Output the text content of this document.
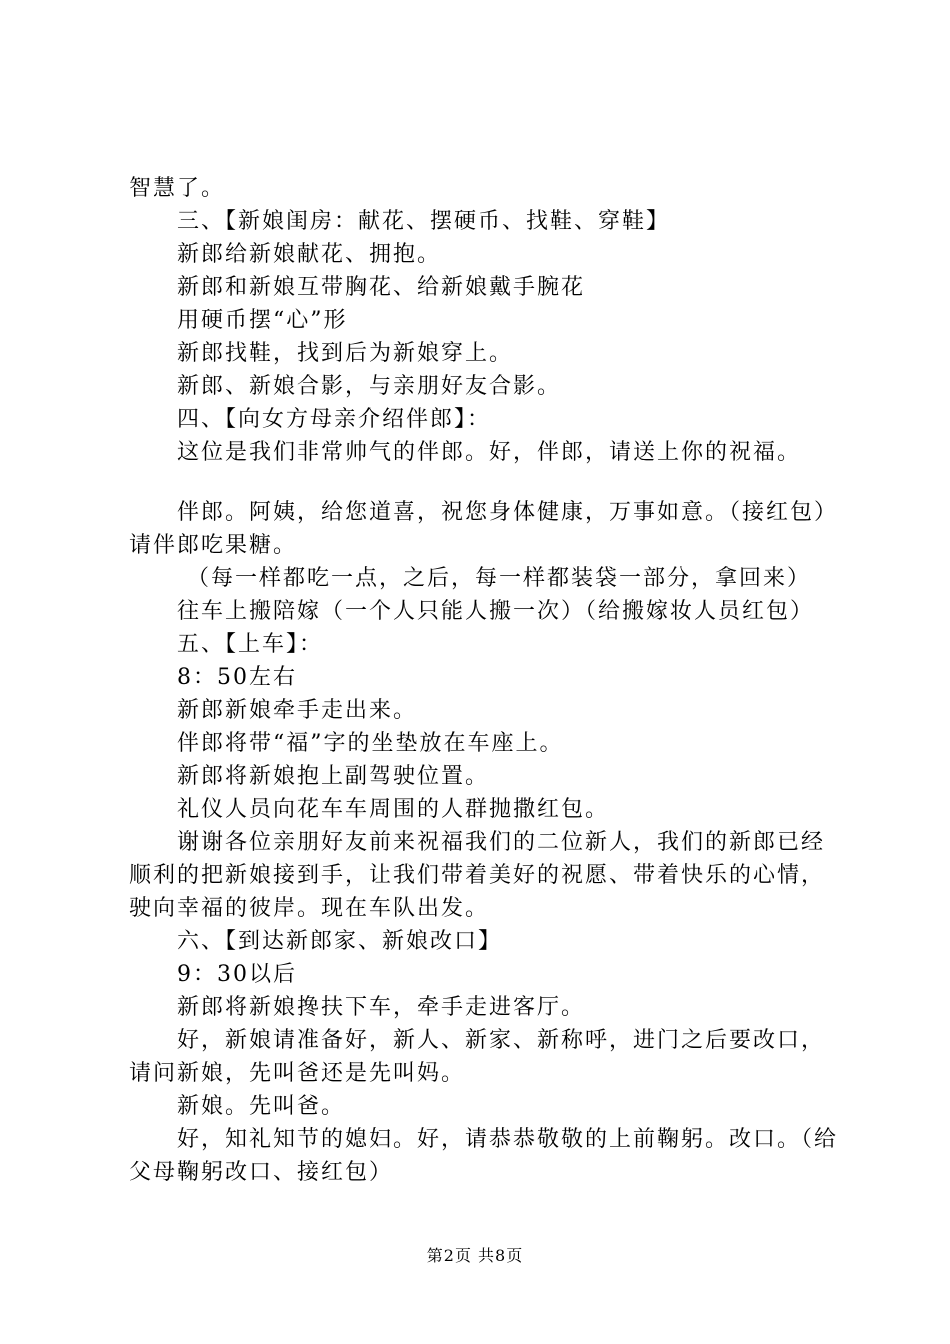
智慧了。

三、【新娘闺房：献花、摆硬币、找鞋、穿鞋】

新郎给新娘献花、拥抱。

新郎和新娘互带胸花、给新娘戴手腕花

用硬币摆“心”形

新郎找鞋，找到后为新娘穿上。

新郎、新娘合影，与亲朋好友合影。

四、【向女方母亲介绍伴郎】：

这位是我们非常帅气的伴郎。好，伴郎，请送上你的祝福。

伴郎。阿姨，给您道喜，祝您身体健康，万事如意。（接红包）请伴郎吃果糖。

（每一样都吃一点，之后，每一样都装袋一部分，拿回来）

往车上搬陪嫁（一个人只能人搬一次）（给搬嫁妆人员红包）

五、【上车】：

8：50左右

新郎新娘牵手走出来。

伴郎将带“福”字的坐垫放在车座上。

新郎将新娘抱上副驾驶位置。

礼仪人员向花车车周围的人群抛撒红包。

谢谢各位亲朋好友前来祝福我们的二位新人，我们的新郎已经顺利的把新娘接到手，让我们带着美好的祝愿、带着快乐的心情，驶向幸福的彼岸。现在车队出发。

六、【到达新郎家、新娘改口】

9：30以后

新郎将新娘搀扶下车，牵手走进客厅。

好，新娘请准备好，新人、新家、新称呼，进门之后要改口，请问新娘，先叫爸还是先叫妈。

新娘。先叫爸。

好，知礼知节的媳妇。好，请恭恭敬敬的上前鞠躬。改口。（给父母鞠躬改口、接红包）

第2页 共8页
